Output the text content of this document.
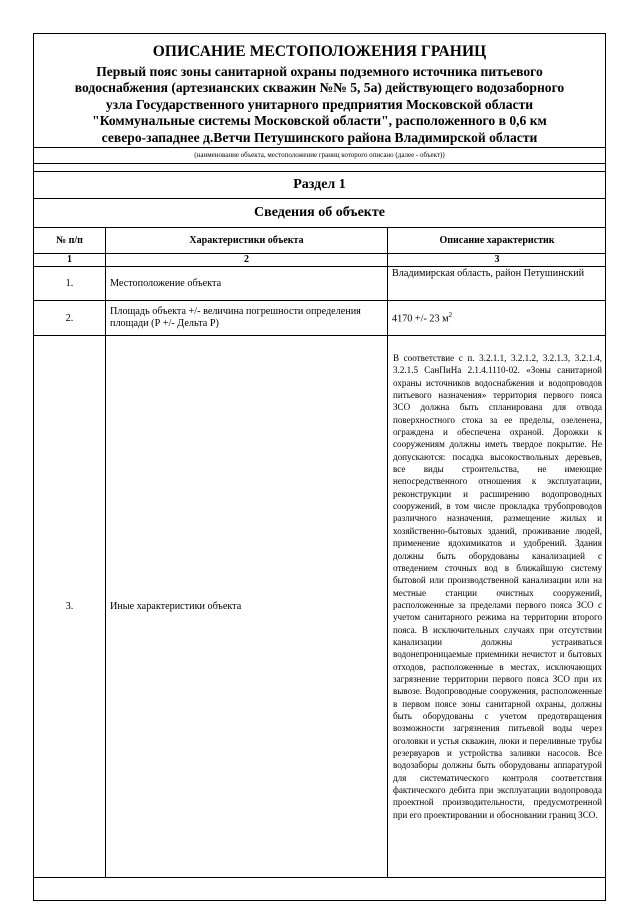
ОПИСАНИЕ МЕСТОПОЛОЖЕНИЯ ГРАНИЦ
Первый пояс зоны санитарной охраны подземного источника питьевого
водоснабжения (артезианских скважин №№ 5, 5а) действующего водозаборного
узла Государственного унитарного предприятия Московской области
"Коммунальные системы Московской области", расположенного в 0,6 км
северо-западнее д.Ветчи Петушинского района Владимирской области
(наименование объекта, местоположение границ которого описано (далее - объект))
Раздел 1
Сведения об объекте
№ п/п	Характеристики объекта	Описание характеристик
1	2	3
1.	Местоположение объекта	Владимирская область, район Петушинский
2.	Площадь объекта +/- величина погрешности определения площади (Р +/- Дельта Р)	4170 +/- 23 $м^2$
3.	Иные характеристики объекта	В соответствие с п. 3.2.1.1, 3.2.1.2, 3.2.1.3, 3.2.1.4, 3.2.1.5 СанПиНа 2.1.4.1110-02. «Зоны санитарной охраны источников водоснабжения и водопроводов питьевого назначения» территория первого пояса ЗСО должна быть спланирована для отвода поверхностного стока за ее пределы, озеленена, ограждена и обеспечена охраной. Дорожки к сооружениям должны иметь твердое покрытие. Не допускаются: посадка высокоствольных деревьев, все виды строительства, не имеющие непосредственного отношения к эксплуатации, реконструкции и расширению водопроводных сооружений, в том числе прокладка трубопроводов различного назначения, размещение жилых и хозяйственно-бытовых зданий, проживание людей, применение ядохимикатов и удобрений. Здания должны быть оборудованы канализацией с отведением сточных вод в ближайшую систему бытовой или производственной канализации или на местные станции очистных сооружений, расположенные за пределами первого пояса ЗСО с учетом санитарного режима на территории второго пояса. В исключительных случаях при отсутствии канализации должны устраиваться водонепроницаемые приемники нечистот и бытовых отходов, расположенные в местах, исключающих загрязнение территории первого пояса ЗСО при их вывозе. Водопроводные сооружения, расположенные в первом поясе зоны санитарной охраны, должны быть оборудованы с учетом предотвращения возможности загрязнения питьевой воды через оголовки и устья скважин, люки и переливные трубы резервуаров и устройства заливки насосов. Все водозаборы должны быть оборудованы аппаратурой для систематического контроля соответствия фактического дебита при эксплуатации водопровода проектной производительности, предусмотренной при его проектировании и обосновании границ ЗСО.
